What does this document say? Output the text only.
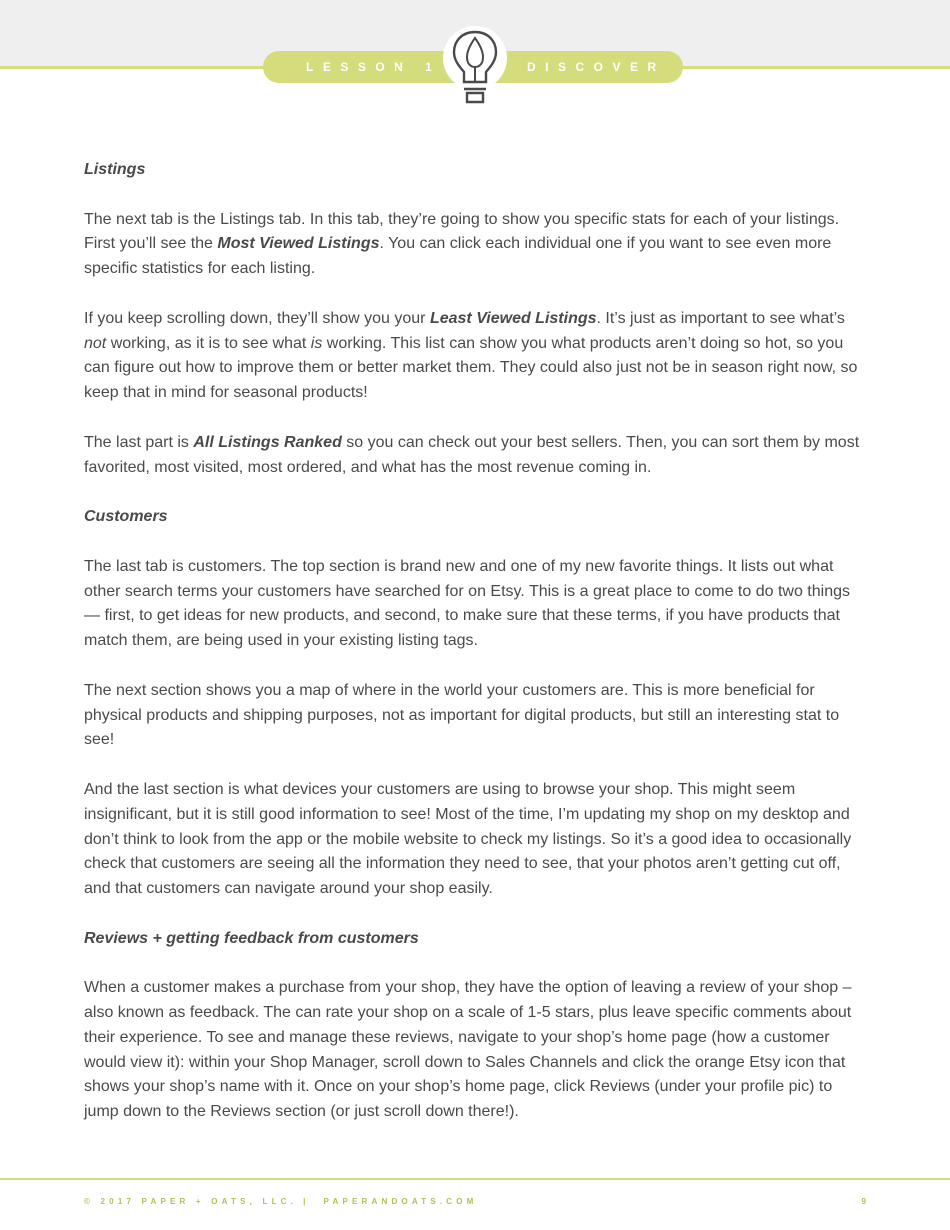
LESSON 1	DISCOVER

Listings

The next tab is the Listings tab. In this tab, they’re going to show you specific stats for each of your listings. First you’ll see the Most Viewed Listings. You can click each individual one if you want to see even more specific statistics for each listing.

If you keep scrolling down, they’ll show you your Least Viewed Listings. It’s just as important to see what’s not working, as it is to see what is working. This list can show you what products aren’t doing so hot, so you can figure out how to improve them or better market them. They could also just not be in season right now, so keep that in mind for seasonal products!

The last part is All Listings Ranked so you can check out your best sellers. Then, you can sort them by most favorited, most visited, most ordered, and what has the most revenue coming in.

Customers

The last tab is customers. The top section is brand new and one of my new favorite things. It lists out what other search terms your customers have searched for on Etsy. This is a great place to come to do two things — first, to get ideas for new products, and second, to make sure that these terms, if you have products that match them, are being used in your existing listing tags.

The next section shows you a map of where in the world your customers are. This is more beneficial for physical products and shipping purposes, not as important for digital products, but still an interesting stat to see!

And the last section is what devices your customers are using to browse your shop. This might seem insignificant, but it is still good information to see! Most of the time, I’m updating my shop on my desktop and don’t think to look from the app or the mobile website to check my listings. So it’s a good idea to occasionally check that customers are seeing all the information they need to see, that your photos aren’t getting cut off, and that customers can navigate around your shop easily.

Reviews + getting feedback from customers

When a customer makes a purchase from your shop, they have the option of leaving a review of your shop – also known as feedback. The can rate your shop on a scale of 1-5 stars, plus leave specific comments about their experience. To see and manage these reviews, navigate to your shop’s home page (how a customer would view it): within your Shop Manager, scroll down to Sales Channels and click the orange Etsy icon that shows your shop’s name with it. Once on your shop’s home page, click Reviews (under your profile pic) to jump down to the Reviews section (or just scroll down there!).

© 2017 PAPER + OATS, LLC. | PAPERANDOATS.COM	9
